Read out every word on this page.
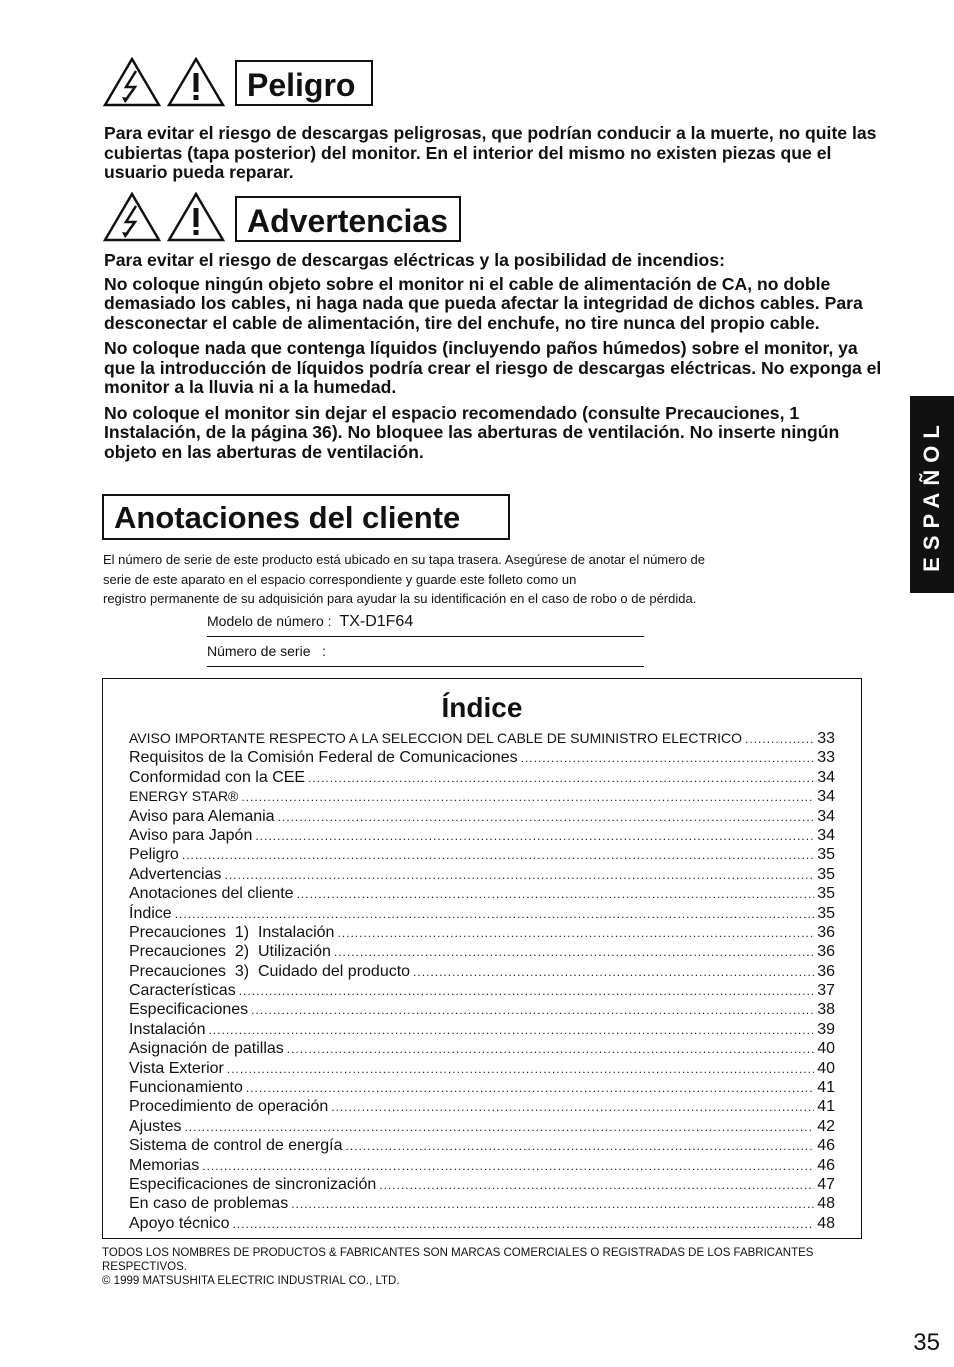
Peligro

Para evitar el riesgo de descargas peligrosas, que podrían conducir a la muerte, no quite las cubiertas (tapa posterior) del monitor. En el interior del mismo no existen piezas que el usuario pueda reparar.

Advertencias

Para evitar el riesgo de descargas eléctricas y la posibilidad de incendios:

No coloque ningún objeto sobre el monitor ni el cable de alimentación de CA, no doble demasiado los cables, ni haga nada que pueda afectar la integridad de dichos cables. Para desconectar el cable de alimentación, tire del enchufe, no tire nunca del propio cable.

No coloque nada que contenga líquidos (incluyendo paños húmedos) sobre el monitor, ya que la introducción de líquidos podría crear el riesgo de descargas eléctricas. No exponga el monitor a la lluvia ni a la humedad.

No coloque el monitor sin dejar el espacio recomendado (consulte Precauciones, 1 Instalación, de la página 36). No bloquee las aberturas de ventilación. No inserte ningún objeto en las aberturas de ventilación.

Anotaciones del cliente

El número de serie de este producto está ubicado en su tapa trasera. Asegúrese de anotar el número de

serie de este aparato en el espacio correspondiente y guarde este folleto como un

registro permanente de su adquisición para ayudar la su identificación en el caso de robo o de pérdida.

Modelo de número : TX-D1F64
Número de serie   :
Índice
AVISO IMPORTANTE RESPECTO A LA SELECCION DEL CABLE DE SUMINISTRO ELECTRICO .....	33
Requisitos de la Comisión Federal de Comunicaciones .....	33
Conformidad con la CEE .....	34
ENERGY STAR® .....	34
Aviso para Alemania .....	34
Aviso para Japón .....	34
Peligro .....	35
Advertencias .....	35
Anotaciones del cliente .....	35
Índice .....	35
Precauciones  1)  Instalación .....	36
Precauciones  2)  Utilización .....	36
Precauciones  3)  Cuidado del producto .....	36
Características .....	37
Especificaciones .....	38
Instalación .....	39
Asignación de patillas .....	40
Vista Exterior .....	40
Funcionamiento .....	41
Procedimiento de operación .....	41
Ajustes .....	42
Sistema de control de energía .....	46
Memorias .....	46
Especificaciones de sincronización .....	47
En caso de problemas .....	48
Apoyo técnico .....	48
ESPAÑOL

TODOS LOS NOMBRES DE PRODUCTOS & FABRICANTES SON MARCAS COMERCIALES O REGISTRADAS DE LOS FABRICANTES RESPECTIVOS.

© 1999 MATSUSHITA ELECTRIC INDUSTRIAL CO., LTD.

35
